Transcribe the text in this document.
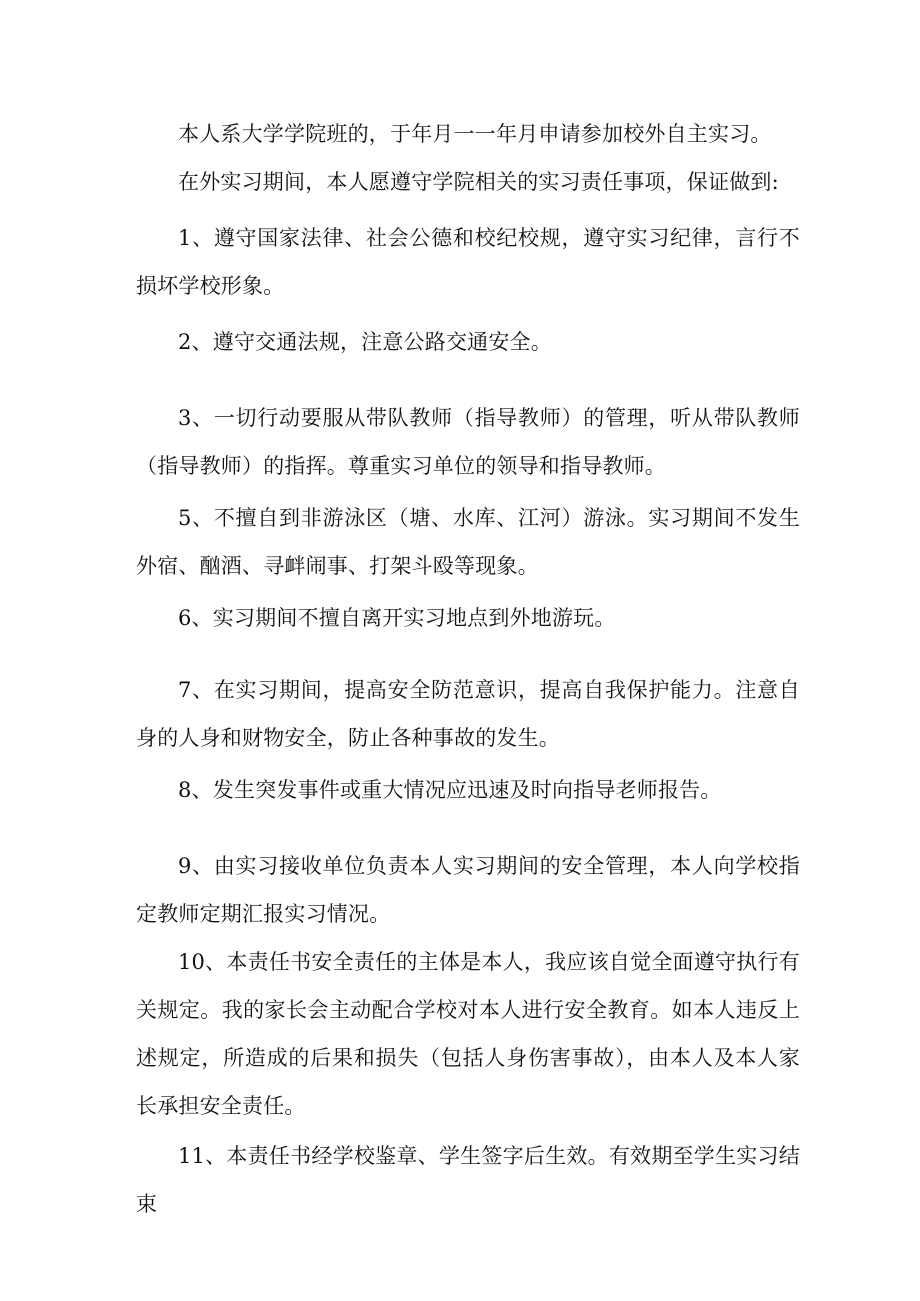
本人系大学学院班的，于年月一一年月申请参加校外自主实习。

在外实习期间，本人愿遵守学院相关的实习责任事项，保证做到:

1、遵守国家法律、社会公德和校纪校规，遵守实习纪律，言行不损坏学校形象。

2、遵守交通法规，注意公路交通安全。

3、一切行动要服从带队教师（指导教师）的管理，听从带队教师（指导教师）的指挥。尊重实习单位的领导和指导教师。

5、不擅自到非游泳区（塘、水库、江河）游泳。实习期间不发生外宿、酗酒、寻衅闹事、打架斗殴等现象。

6、实习期间不擅自离开实习地点到外地游玩。

7、在实习期间，提高安全防范意识，提高自我保护能力。注意自身的人身和财物安全，防止各种事故的发生。

8、发生突发事件或重大情况应迅速及时向指导老师报告。

9、由实习接收单位负责本人实习期间的安全管理，本人向学校指定教师定期汇报实习情况。

10、本责任书安全责任的主体是本人，我应该自觉全面遵守执行有关规定。我的家长会主动配合学校对本人进行安全教育。如本人违反上述规定，所造成的后果和损失（包括人身伤害事故），由本人及本人家长承担安全责任。

11、本责任书经学校鉴章、学生签字后生效。有效期至学生实习结束
